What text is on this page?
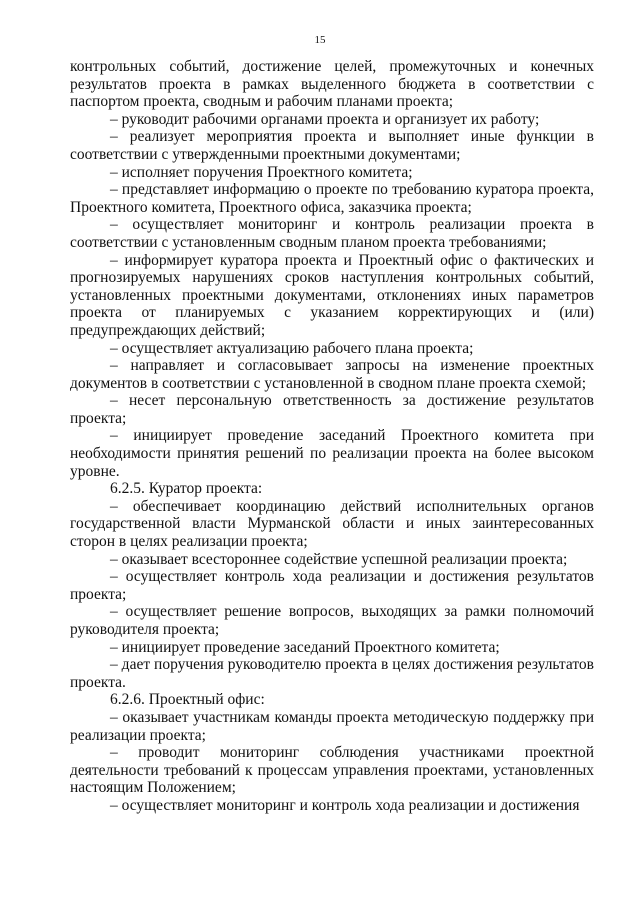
15

контрольных событий, достижение целей, промежуточных и конечных результатов проекта в рамках выделенного бюджета в соответствии с паспортом проекта, сводным и рабочим планами проекта;

– руководит рабочими органами проекта и организует их работу;

– реализует мероприятия проекта и выполняет иные функции в соответствии с утвержденными проектными документами;

– исполняет поручения Проектного комитета;

– представляет информацию о проекте по требованию куратора проекта, Проектного комитета, Проектного офиса, заказчика проекта;

– осуществляет мониторинг и контроль реализации проекта в соответствии с установленным сводным планом проекта требованиями;

– информирует куратора проекта и Проектный офис о фактических и прогнозируемых нарушениях сроков наступления контрольных событий, установленных проектными документами, отклонениях иных параметров проекта от планируемых с указанием корректирующих и (или) предупреждающих действий;

– осуществляет актуализацию рабочего плана проекта;

– направляет и согласовывает запросы на изменение проектных документов в соответствии с установленной в сводном плане проекта схемой;

– несет персональную ответственность за достижение результатов проекта;

– инициирует проведение заседаний Проектного комитета при необходимости принятия решений по реализации проекта на более высоком уровне.

6.2.5. Куратор проекта:

– обеспечивает координацию действий исполнительных органов государственной власти Мурманской области и иных заинтересованных сторон в целях реализации проекта;

– оказывает всестороннее содействие успешной реализации проекта;

– осуществляет контроль хода реализации и достижения результатов проекта;

– осуществляет решение вопросов, выходящих за рамки полномочий руководителя проекта;

– инициирует проведение заседаний Проектного комитета;

– дает поручения руководителю проекта в целях достижения результатов проекта.

6.2.6. Проектный офис:

– оказывает участникам команды проекта методическую поддержку при реализации проекта;

– проводит мониторинг соблюдения участниками проектной деятельности требований к процессам управления проектами, установленных настоящим Положением;

– осуществляет мониторинг и контроль хода реализации и достижения
